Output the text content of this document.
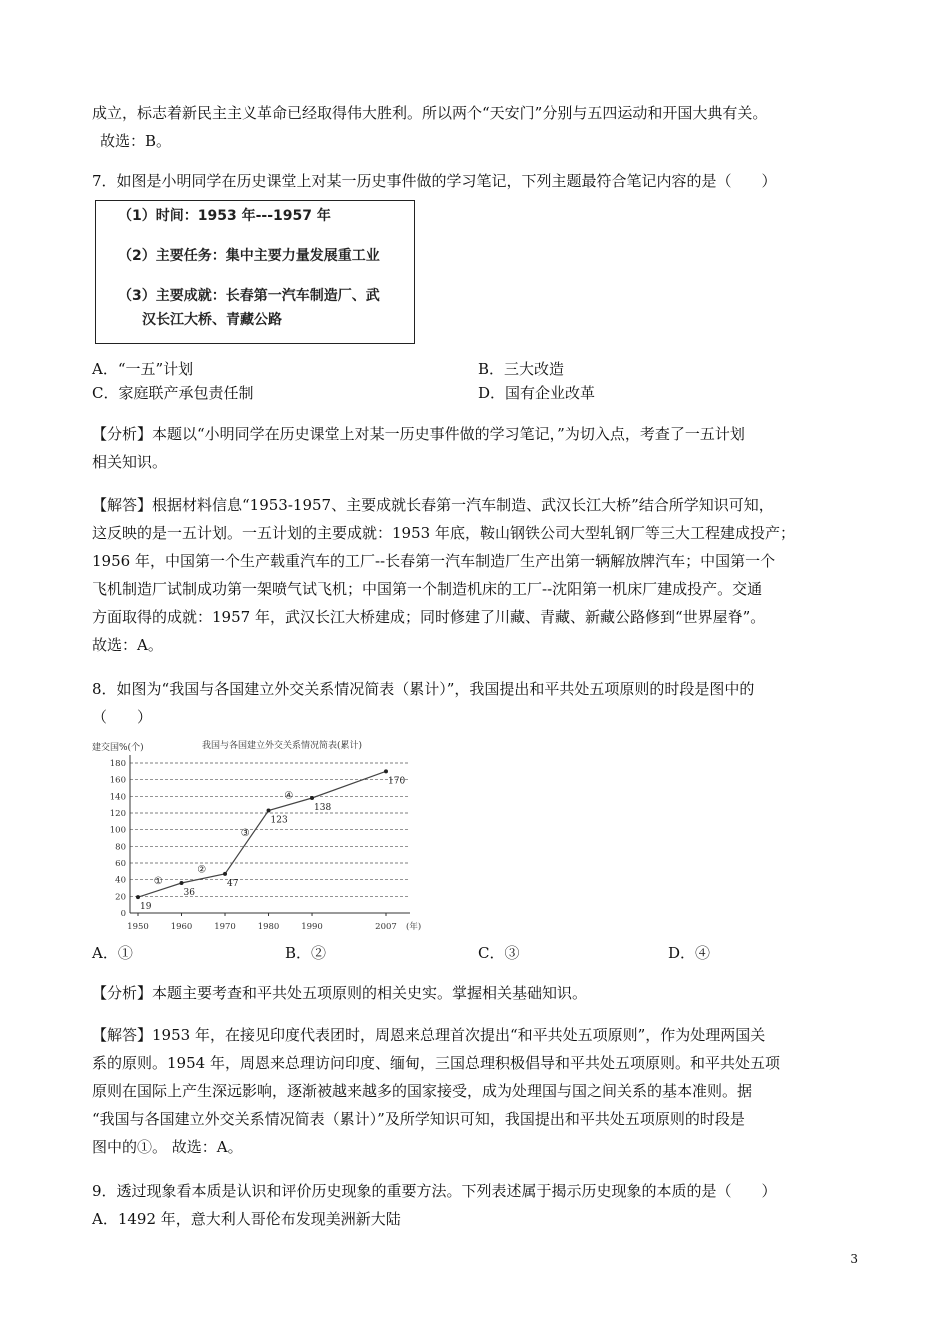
成立，标志着新民主主义革命已经取得伟大胜利。所以两个“天安门”分别与五四运动和开国大典有关。
故选：B。
7．如图是小明同学在历史课堂上对某一历史事件做的学习笔记，下列主题最符合笔记内容的是（　　）
（1）时间：1953 年---1957 年
（2）主要任务：集中主要力量发展重工业
（3）主要成就：长春第一汽车制造厂、武
汉长江大桥、青藏公路
A．“一五”计划	B．三大改造
C．家庭联产承包责任制	D．国有企业改革
【分析】本题以“小明同学在历史课堂上对某一历史事件做的学习笔记，”为切入点，考查了一五计划
相关知识。
【解答】根据材料信息“1953-1957、主要成就长春第一汽车制造、武汉长江大桥”结合所学知识可知，
这反映的是一五计划。一五计划的主要成就：1953 年底，鞍山钢铁公司大型轧钢厂等三大工程建成投产；
1956 年，中国第一个生产载重汽车的工厂--长春第一汽车制造厂生产出第一辆解放牌汽车；中国第一个
飞机制造厂试制成功第一架喷气试飞机；中国第一个制造机床的工厂--沈阳第一机床厂建成投产。交通
方面取得的成就：1957 年，武汉长江大桥建成；同时修建了川藏、青藏、新藏公路修到“世界屋脊”。
故选：A。
8．如图为“我国与各国建立外交关系情况简表（累计）”，我国提出和平共处五项原则的时段是图中的
（　　）
我国与各国建立外交关系情况简表(累计)
建交国%(个)
0
20
40
60
80
100
120
140
160
180
1950	1960	1970	1980	1990	2007 (年)
19
36
47
123
138
170
①
②
③
④
A．①	B．②	C．③	D．④
【分析】本题主要考查和平共处五项原则的相关史实。掌握相关基础知识。
【解答】1953 年，在接见印度代表团时，周恩来总理首次提出“和平共处五项原则”，作为处理两国关
系的原则。1954 年，周恩来总理访问印度、缅甸，三国总理积极倡导和平共处五项原则。和平共处五项
原则在国际上产生深远影响，逐渐被越来越多的国家接受，成为处理国与国之间关系的基本准则。据
“我国与各国建立外交关系情况简表（累计）”及所学知识可知，我国提出和平共处五项原则的时段是
图中的①。 故选：A。
9．透过现象看本质是认识和评价历史现象的重要方法。下列表述属于揭示历史现象的本质的是（　　）
A．1492 年，意大利人哥伦布发现美洲新大陆
3
